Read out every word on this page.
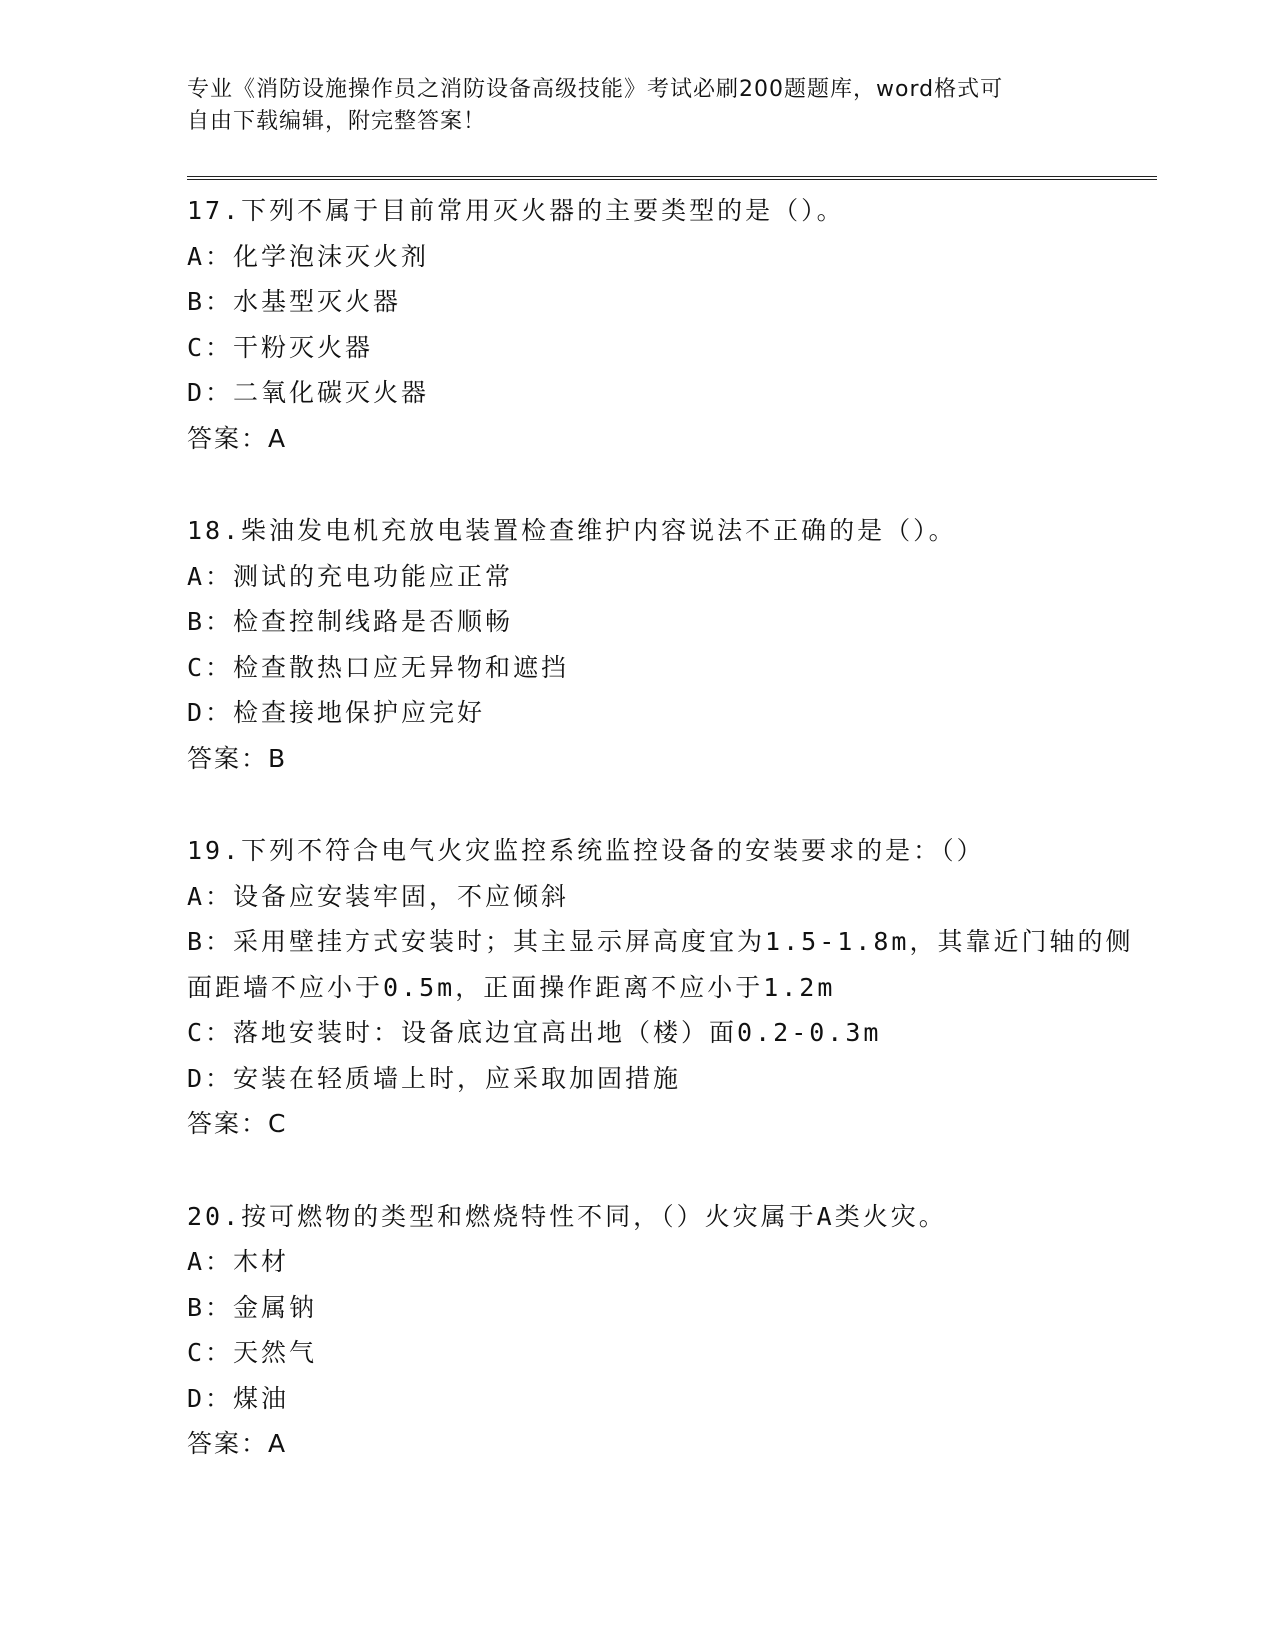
专业《消防设施操作员之消防设备高级技能》考试必刷200题题库，word格式可
自由下载编辑，附完整答案！
17.下列不属于目前常用灭火器的主要类型的是（）。
A：化学泡沫灭火剂
B：水基型灭火器
C：干粉灭火器
D：二氧化碳灭火器
答案：A
18.柴油发电机充放电装置检查维护内容说法不正确的是（）。
A：测试的充电功能应正常
B：检查控制线路是否顺畅
C：检查散热口应无异物和遮挡
D：检查接地保护应完好
答案：B
19.下列不符合电气火灾监控系统监控设备的安装要求的是：（）
A：设备应安装牢固，不应倾斜
B：采用壁挂方式安装时；其主显示屏高度宜为1.5-1.8m，其靠近门轴的侧面距墙不应小于0.5m，正面操作距离不应小于1.2m
C：落地安装时：设备底边宜高出地（楼）面0.2-0.3m
D：安装在轻质墙上时，应采取加固措施
答案：C
20.按可燃物的类型和燃烧特性不同，（）火灾属于A类火灾。
A：木材
B：金属钠
C：天然气
D：煤油
答案：A
